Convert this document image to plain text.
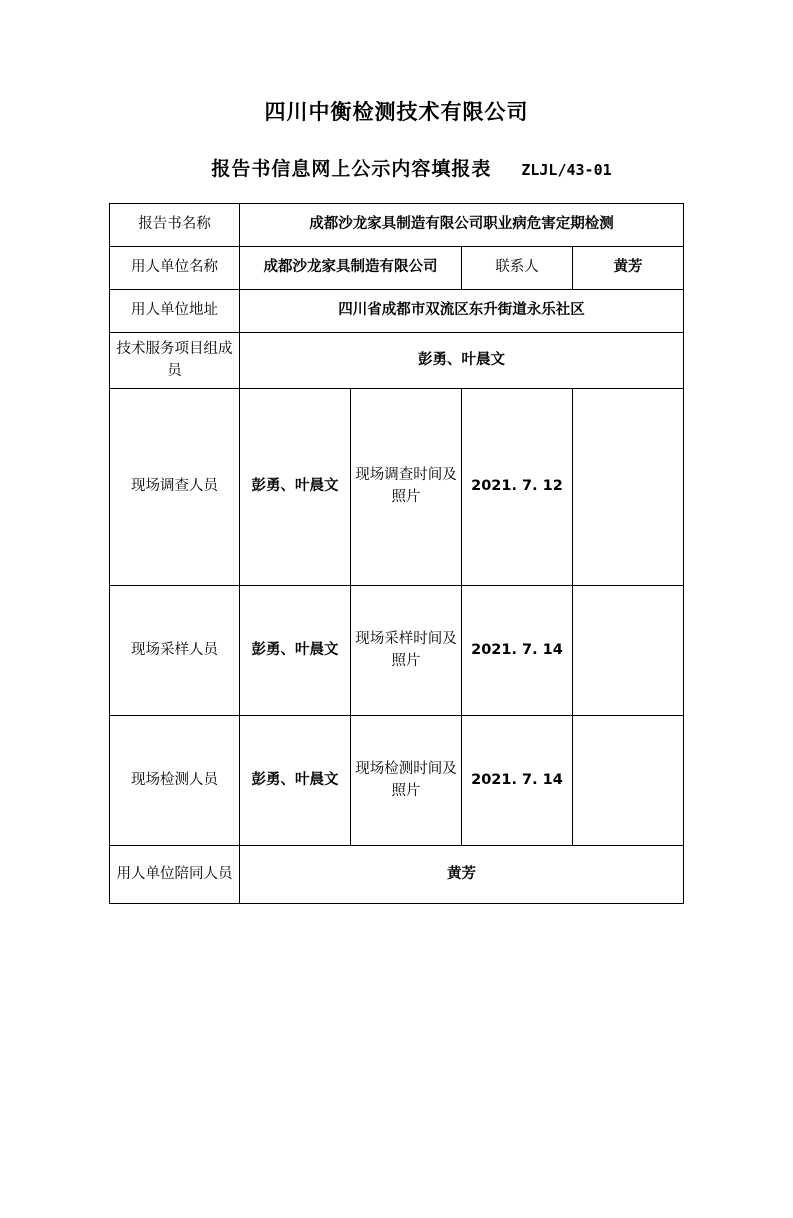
四川中衡检测技术有限公司
报告书信息网上公示内容填报表 ZLJL/43-01
报告书名称	成都沙龙家具制造有限公司职业病危害定期检测			
用人单位名称	成都沙龙家具制造有限公司		联系人	黄芳
用人单位地址	四川省成都市双流区东升街道永乐社区			
技术服务项目组成员	彭勇、叶晨文			
现场调查人员	彭勇、叶晨文	现场调查时间及照片	2021. 7. 12	
现场采样人员	彭勇、叶晨文	现场采样时间及照片	2021. 7. 14	
现场检测人员	彭勇、叶晨文	现场检测时间及照片	2021. 7. 14	
用人单位陪同人员	黄芳			
